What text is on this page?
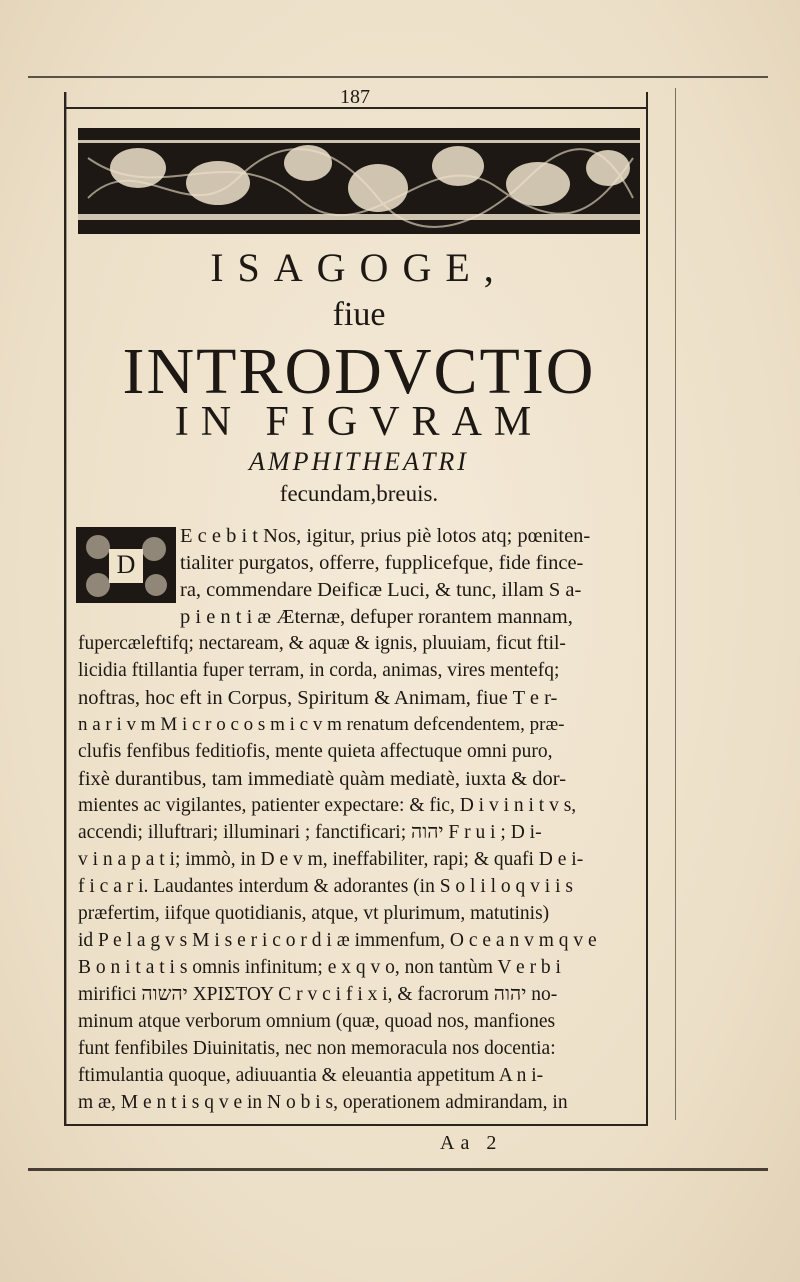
187
ISAGOGE,
fiue
INTRODVCTIO
IN FIGVRAM
AMPHITHEATRI
fecundam,breuis.
D
E c e b i t Nos, igitur, prius piè lotos atq; pœniten-
tialiter purgatos, offerre, fupplicefque, fide fince-
ra, commendare Deificæ Luci, & tunc, illam S a-
p i e n t i æ Æternæ, defuper rorantem mannam,
fupercæleftifq; nectaream, & aquæ & ignis, pluuiam, ficut ftil-
licidia ftillantia fuper terram, in corda, animas, vires mentefq;
noftras, hoc eft in Corpus, Spiritum & Animam, fiue T e r-
n a r i v m M i c r o c o s m i c v m renatum defcendentem, præ-
clufis fenfibus feditiofis, mente quieta affectuque omni puro,
fixè durantibus, tam immediatè quàm mediatè, iuxta & dor-
mientes ac vigilantes, patienter expectare: & fic, D i v i n i t v s,
accendi; illuftrari; illuminari ; fanctificari; יהוה F r u i ; D i-
v i n a p a t i; immò, in D e v m, ineffabiliter, rapi; & quafi D e i-
f i c a r i. Laudantes interdum & adorantes (in S o l i l o q v i i s
præfertim, iifque quotidianis, atque, vt plurimum, matutinis)
id P e l a g v s M i s e r i c o r d i æ immenfum, O c e a n v m q v e
B o n i t a t i s omnis infinitum; e x q v o, non tantùm V e r b i
mirifici יהשוה ΧΡΙΣΤΟΥ C r v c i f i x i, & facrorum יהוה no-
minum atque verborum omnium (quæ, quoad nos, manfiones
funt fenfibiles Diuinitatis, nec non memoracula nos docentia:
ftimulantia quoque, adiuuantia & eleuantia appetitum A n i-
m æ, M e n t i s q v e in N o b i s, operationem admirandam, in
Aa 2
